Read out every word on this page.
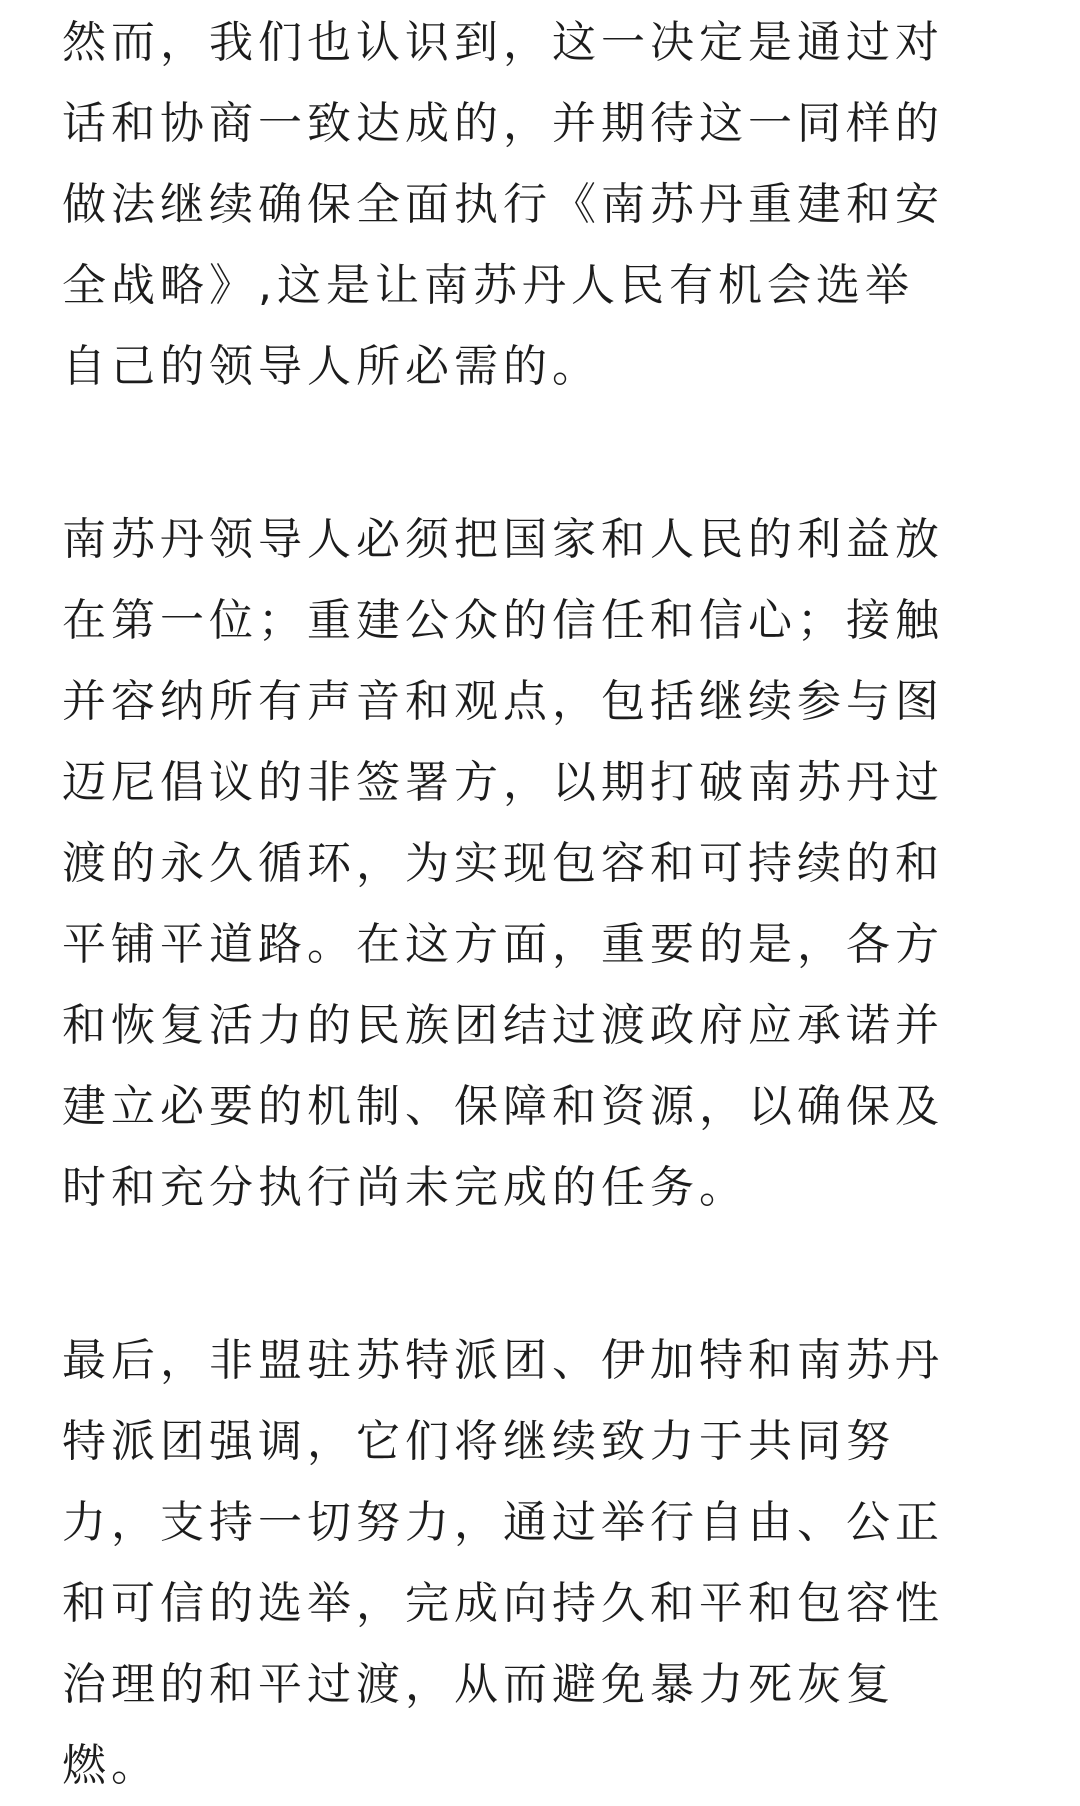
然而，我们也认识到，这一决定是通过对
话和协商一致达成的，并期待这一同样的
做法继续确保全面执行《南苏丹重建和安
全战略》,这是让南苏丹人民有机会选举
自己的领导人所必需的。

南苏丹领导人必须把国家和人民的利益放
在第一位；重建公众的信任和信心；接触
并容纳所有声音和观点，包括继续参与图
迈尼倡议的非签署方，以期打破南苏丹过
渡的永久循环，为实现包容和可持续的和
平铺平道路。在这方面，重要的是，各方
和恢复活力的民族团结过渡政府应承诺并
建立必要的机制、保障和资源，以确保及
时和充分执行尚未完成的任务。

最后，非盟驻苏特派团、伊加特和南苏丹
特派团强调，它们将继续致力于共同努
力，支持一切努力，通过举行自由、公正
和可信的选举，完成向持久和平和包容性
治理的和平过渡，从而避免暴力死灰复
燃。
